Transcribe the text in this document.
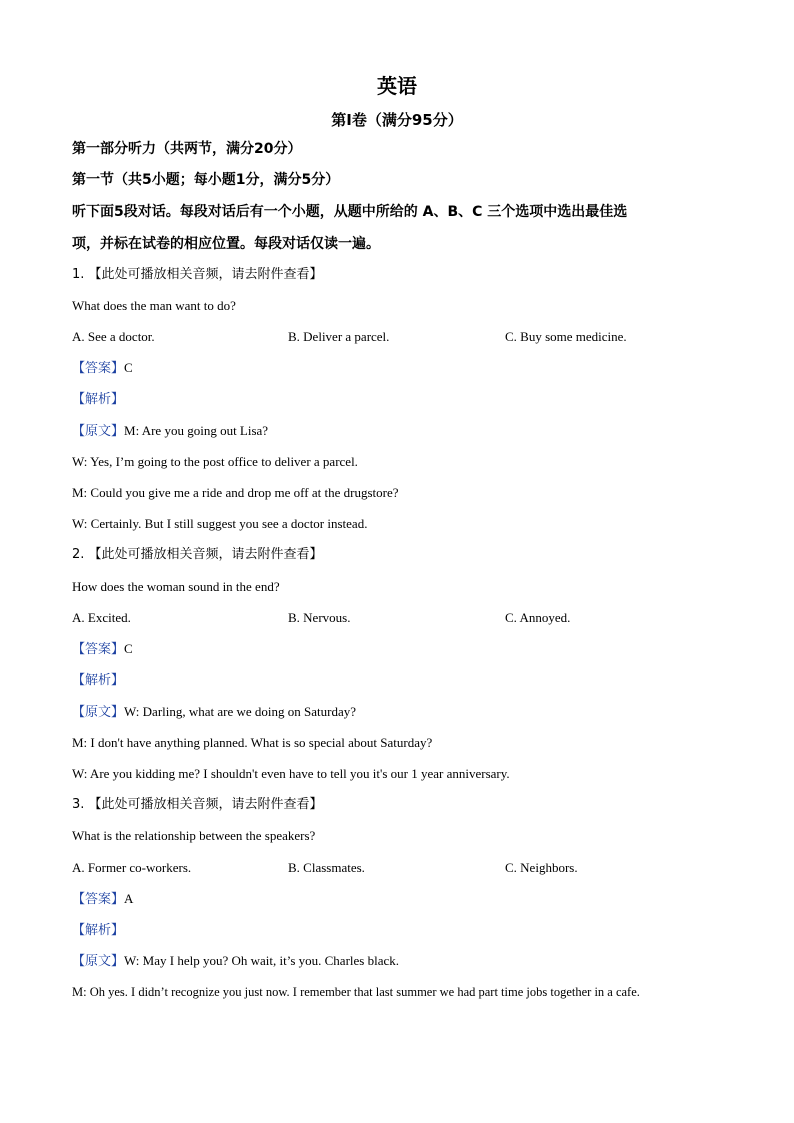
英语
第Ⅰ卷（满分95分）
第一部分听力（共两节，满分20分）
第一节（共5小题；每小题1分，满分5分）
听下面5段对话。每段对话后有一个小题，从题中所给的 A、B、C 三个选项中选出最佳选
项，并标在试卷的相应位置。每段对话仅读一遍。
1. 【此处可播放相关音频，请去附件查看】
What does the man want to do?
A. See a doctor.	B. Deliver a parcel.	C. Buy some medicine.
【答案】C
【解析】
【原文】M: Are you going out Lisa?
W: Yes, I’m going to the post office to deliver a parcel.
M: Could you give me a ride and drop me off at the drugstore?
W: Certainly. But I still suggest you see a doctor instead.
2. 【此处可播放相关音频，请去附件查看】
How does the woman sound in the end?
A. Excited.	B. Nervous.	C. Annoyed.
【答案】C
【解析】
【原文】W: Darling, what are we doing on Saturday?
M: I don't have anything planned. What is so special about Saturday?
W: Are you kidding me? I shouldn't even have to tell you it's our 1 year anniversary.
3. 【此处可播放相关音频，请去附件查看】
What is the relationship between the speakers?
A. Former co-workers.	B. Classmates.	C. Neighbors.
【答案】A
【解析】
【原文】W: May I help you? Oh wait, it’s you. Charles black.
M: Oh yes. I didn’t recognize you just now. I remember that last summer we had part time jobs together in a cafe.
